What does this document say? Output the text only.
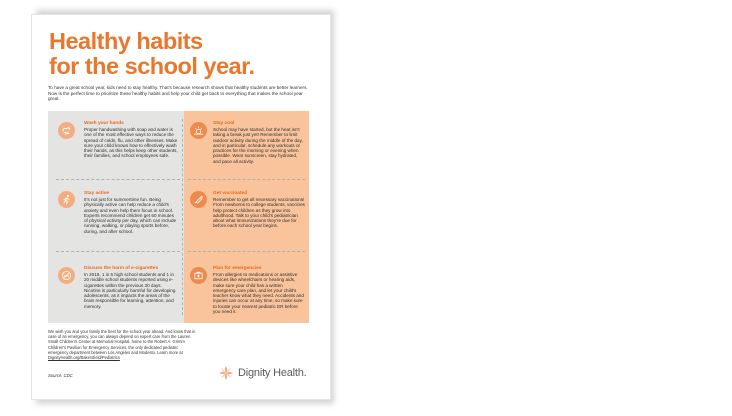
Healthy habits
for the school year.
To have a great school year, kids need to stay healthy. That's because research shows that healthy students are better learners. Now is the perfect time to prioritize these healthy habits and help your child get back to everything that makes the school year great.
Wash your hands
Proper handwashing with soap and water is one of the most effective ways to reduce the spread of colds, flu, and other illnesses. Make sure your child knows how to effectively wash their hands, as this helps keep other students, their families, and school employees safe.
Stay cool
School may have started, but the heat isn't taking a break just yet! Remember to limit outdoor activity during the middle of the day, and in particular, schedule any workouts or practices for the morning or evening when possible. Wear sunscreen, stay hydrated, and pace all activity.
Stay active
It's not just for summertime fun. Being physically active can help reduce a child's anxiety and even help them focus in school. Experts recommend children get 60 minutes of physical activity per day, which can include running, walking, or playing sports before, during, and after school.
Get vaccinated
Remember to get all necessary vaccinations! From newborns to college students, vaccines help protect children as they grow into adulthood. Talk to your child's pediatrician about what immunizations they're due for before each school year begins.
Discuss the harm of e-cigarettes
In 2018, 1 in 5 high school students and 1 in 20 middle school students reported using e-cigarettes within the previous 30 days. Nicotine is particularly harmful for developing adolescents, as it impacts the areas of the brain responsible for learning, attention, and memory.
Plan for emergencies
From allergies to medications or assistive devices like wheelchairs or hearing aids, make sure your child has a written emergency care plan, and let your child's teacher know what they need. Accidents and injuries can occur at any time, so make sure to locate your nearest pediatric ER before you need it.
We wish you and your family the best for the school year ahead. And know that in case of an emergency, you can always depend on expert care from the Lauren Small Children's Center at Memorial Hospital, home to the Robert A. Grimm Children's Pavilion for Emergency Services, the only dedicated pediatric emergency department between Los Angeles and Modesto. Learn more at DignityHealth.org/Bakersfield/Pediatrics
Source: CDC	Dignity Health.
